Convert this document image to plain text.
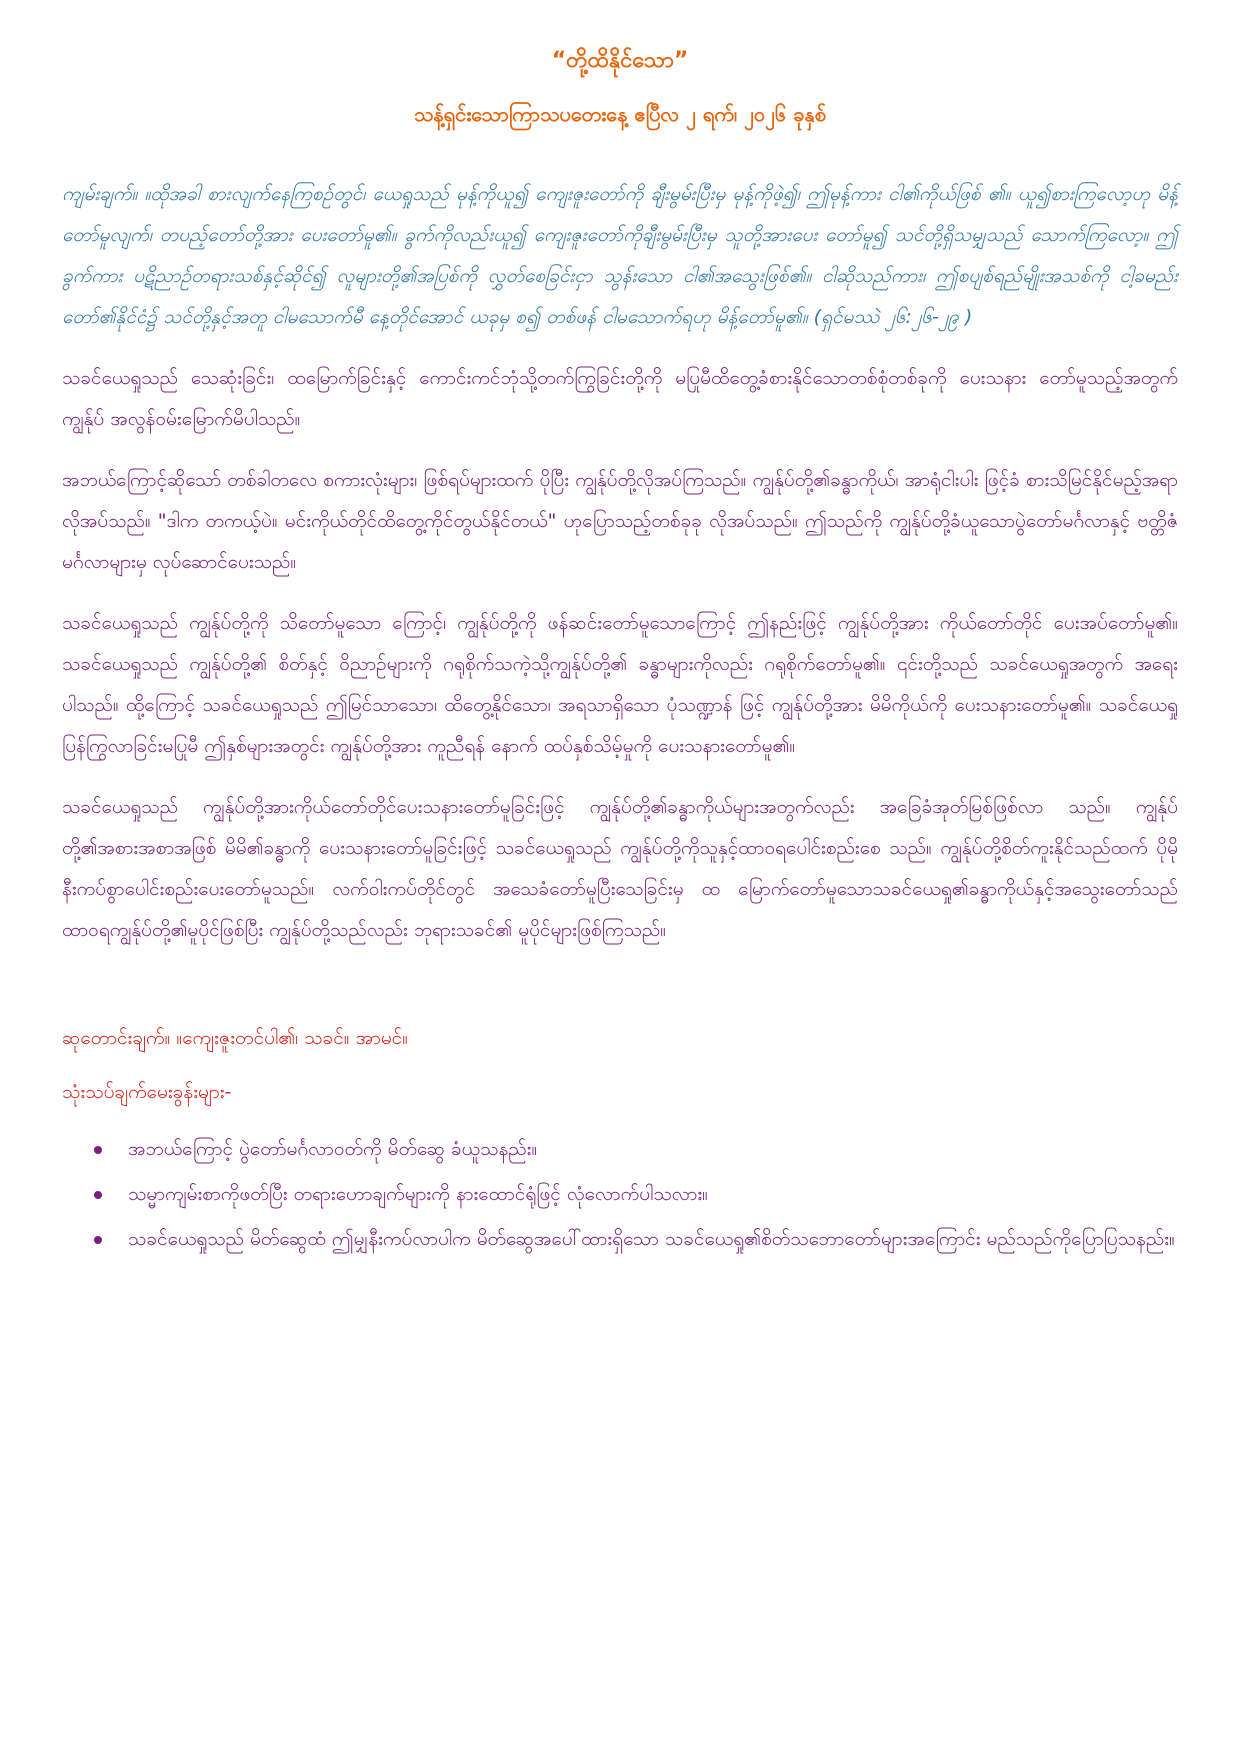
“တို့ထိနိုင်သော”
သန့်ရှင်းသောကြာသပတေးနေ့ ဧပြီလ ၂ ရက်၊ ၂၀၂၆ ခုနှစ်

ကျမ်းချက်။ ။ထိုအခါ စားလျက်နေကြစဉ်တွင်၊ ယေရှုသည် မုန့်ကိုယူ၍ ကျေးဇူးတော်ကို ချီးမွမ်းပြီးမှ မုန့်ကိုဖဲ့၍၊ ဤမုန့်ကား ငါ၏ကိုယ်ဖြစ် ၏။ ယူ၍စားကြလော့ဟု မိန့်တော်မူလျက်၊ တပည့်တော်တို့အား ပေးတော်မူ၏။ ခွက်ကိုလည်းယူ၍ ကျေးဇူးတော်ကိုချီးမွမ်းပြီးမှ သူတို့အားပေး တော်မူ၍ သင်တို့ရှိသမျှသည် သောက်ကြလော့။ ဤခွက်ကား ပဋိညာဉ်တရားသစ်နှင့်ဆိုင်၍ လူများတို့၏အပြစ်ကို လွှတ်စေခြင်းငှာ သွန်းသော ငါ၏အသွေးဖြစ်၏။ ငါဆိုသည်ကား၊ ဤစပျစ်ရည်မျိုးအသစ်ကို ငါ့ခမည်းတော်၏နိုင်ငံ၌ သင်တို့နှင့်အတူ ငါမသောက်မီ နေ့တိုင်အောင် ယခုမှ စ၍ တစ်ဖန် ငါမသောက်ရဟု မိန့်တော်မူ၏။ (ရှင်မဿဲ ၂၆:၂၆-၂၉ )

သခင်ယေရှုသည် သေဆုံးခြင်း၊ ထမြောက်ခြင်းနှင့် ကောင်းကင်ဘုံသို့တက်ကြွခြင်းတို့ကို မပြုမီထိတွေ့ခံစားနိုင်သောတစ်စုံတစ်ခုကို ပေးသနား တော်မူသည့်အတွက် ကျွန်ုပ် အလွန်ဝမ်းမြောက်မိပါသည်။

အဘယ်ကြောင့်ဆိုသော် တစ်ခါတလေ စကားလုံးများ၊ ဖြစ်ရပ်များထက် ပိုပြီး ကျွန်ုပ်တို့လိုအပ်ကြသည်။ ကျွန်ုပ်တို့၏ခန္ဓာကိုယ်၊ အာရုံငါးပါး ဖြင့်ခံ စားသိမြင်နိုင်မည့်အရာလိုအပ်သည်။ "ဒါက တကယ့်ပဲ။ မင်းကိုယ်တိုင်ထိတွေ့ကိုင်တွယ်နိုင်တယ်" ဟုပြောသည့်တစ်ခုခု လိုအပ်သည်။ ဤသည်ကို ကျွန်ုပ်တို့ခံယူသောပွဲတော်မင်္ဂလာနှင့် ဗတ္တိဇံမင်္ဂလာများမှ လုပ်ဆောင်ပေးသည်။

သခင်ယေရှုသည် ကျွန်ုပ်တို့ကို သိတော်မူသော ကြောင့်၊ ကျွန်ုပ်တို့ကို ဖန်ဆင်းတော်မူသောကြောင့် ဤနည်းဖြင့် ကျွန်ုပ်တို့အား ကိုယ်တော်တိုင် ပေးအပ်တော်မူ၏။ သခင်ယေရှုသည် ကျွန်ုပ်တို့၏ စိတ်နှင့် ဝိညာဉ်များကို ဂရုစိုက်သကဲ့သို့ကျွန်ုပ်တို့၏ ခန္ဓာများကိုလည်း ဂရုစိုက်တော်မူ၏။ ၎င်းတို့သည် သခင်ယေရှုအတွက် အရေးပါသည်။ ထို့ကြောင့် သခင်ယေရှုသည် ဤမြင်သာသော၊ ထိတွေ့နိုင်သော၊ အရသာရှိသော ပုံသဏ္ဍာန် ဖြင့် ကျွန်ုပ်တို့အား မိမိကိုယ်ကို ပေးသနားတော်မူ၏။ သခင်ယေရှုပြန်ကြွလာခြင်းမပြုမီ ဤနှစ်များအတွင်း ကျွန်ုပ်တို့အား ကူညီရန် နောက် ထပ်နှစ်သိမ့်မှုကို ပေးသနားတော်မူ၏။

သခင်ယေရှုသည် ကျွန်ုပ်တို့အားကိုယ်တော်တိုင်ပေးသနားတော်မူခြင်းဖြင့် ကျွန်ုပ်တို့၏ခန္ဓာကိုယ်များအတွက်လည်း အခြေခံအုတ်မြစ်ဖြစ်လာ သည်။ ကျွန်ုပ်တို့၏အစားအစာအဖြစ် မိမိ၏ခန္ဓာကို ပေးသနားတော်မူခြင်းဖြင့် သခင်ယေရှုသည် ကျွန်ုပ်တို့ကိုသူနှင့်ထာဝရပေါင်းစည်းစေ သည်။ ကျွန်ုပ်တို့စိတ်ကူးနိုင်သည်ထက် ပိုမိုနီးကပ်စွာပေါင်းစည်းပေးတော်မူသည်။ လက်ဝါးကပ်တိုင်တွင် အသေခံတော်မူပြီးသေခြင်းမှ ထ မြောက်တော်မူသောသခင်ယေရှု၏ခန္ဓာကိုယ်နှင့်အသွေးတော်သည် ထာဝရကျွန်ုပ်တို့၏မူပိုင်ဖြစ်ပြီး ကျွန်ုပ်တို့သည်လည်း ဘုရားသခင်၏ မူပိုင်များဖြစ်ကြသည်။

ဆုတောင်းချက်။ ။ကျေးဇူးတင်ပါ၏၊ သခင်။ အာမင်။

သုံးသပ်ချက်မေးခွန်းများ-

အဘယ်ကြောင့် ပွဲတော်မင်္ဂလာဝတ်ကို မိတ်ဆွေ ခံယူသနည်း။
သမ္မာကျမ်းစာကိုဖတ်ပြီး တရားဟောချက်များကို နားထောင်ရုံဖြင့် လုံလောက်ပါသလား။
သခင်ယေရှုသည် မိတ်ဆွေထံ ဤမျှနီးကပ်လာပါက မိတ်ဆွေအပေါ်ထားရှိသော သခင်ယေရှု၏စိတ်သဘောတော်များအကြောင်း မည်သည်ကိုပြောပြသနည်း။
